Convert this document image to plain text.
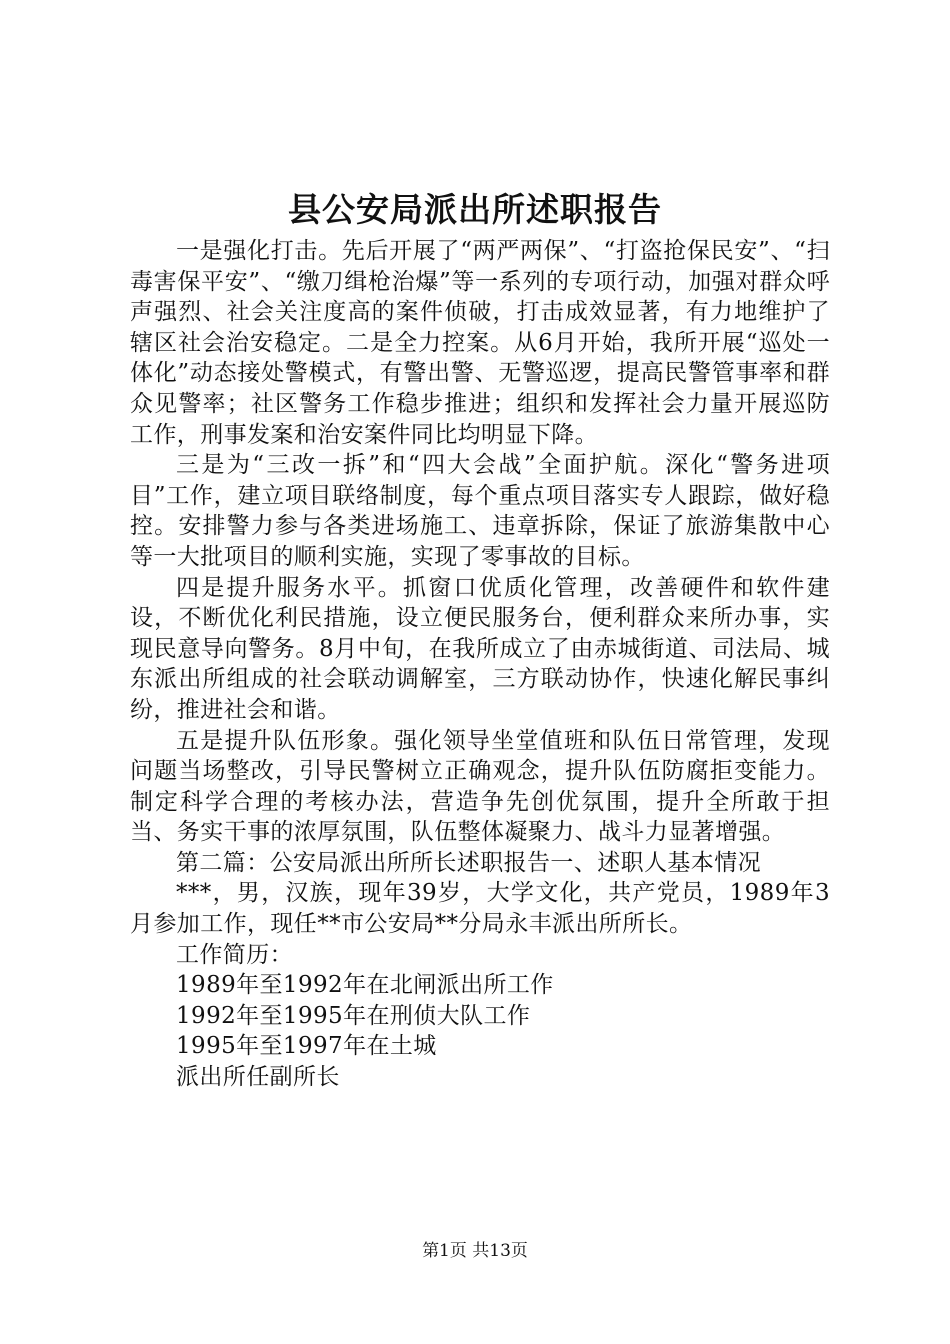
县公安局派出所述职报告

一是强化打击。先后开展了“两严两保”、“打盗抢保民安”、“扫毒害保平安”、“缴刀缉枪治爆”等一系列的专项行动，加强对群众呼声强烈、社会关注度高的案件侦破，打击成效显著，有力地维护了辖区社会治安稳定。二是全力控案。从6月开始，我所开展“巡处一体化”动态接处警模式，有警出警、无警巡逻，提高民警管事率和群众见警率；社区警务工作稳步推进；组织和发挥社会力量开展巡防工作，刑事发案和治安案件同比均明显下降。

三是为“三改一拆”和“四大会战”全面护航。深化“警务进项目”工作，建立项目联络制度，每个重点项目落实专人跟踪，做好稳控。安排警力参与各类进场施工、违章拆除，保证了旅游集散中心等一大批项目的顺利实施，实现了零事故的目标。

四是提升服务水平。抓窗口优质化管理，改善硬件和软件建设，不断优化利民措施，设立便民服务台，便利群众来所办事，实现民意导向警务。8月中旬，在我所成立了由赤城街道、司法局、城东派出所组成的社会联动调解室，三方联动协作，快速化解民事纠纷，推进社会和谐。

五是提升队伍形象。强化领导坐堂值班和队伍日常管理，发现问题当场整改，引导民警树立正确观念，提升队伍防腐拒变能力。制定科学合理的考核办法，营造争先创优氛围，提升全所敢于担当、务实干事的浓厚氛围，队伍整体凝聚力、战斗力显著增强。

第二篇：公安局派出所所长述职报告一、述职人基本情况

***，男，汉族，现年39岁，大学文化，共产党员，1989年3月参加工作，现任**市公安局**分局永丰派出所所长。

工作简历：

1989年至1992年在北闸派出所工作

1992年至1995年在刑侦大队工作

1995年至1997年在土城

派出所任副所长

第1页 共13页
